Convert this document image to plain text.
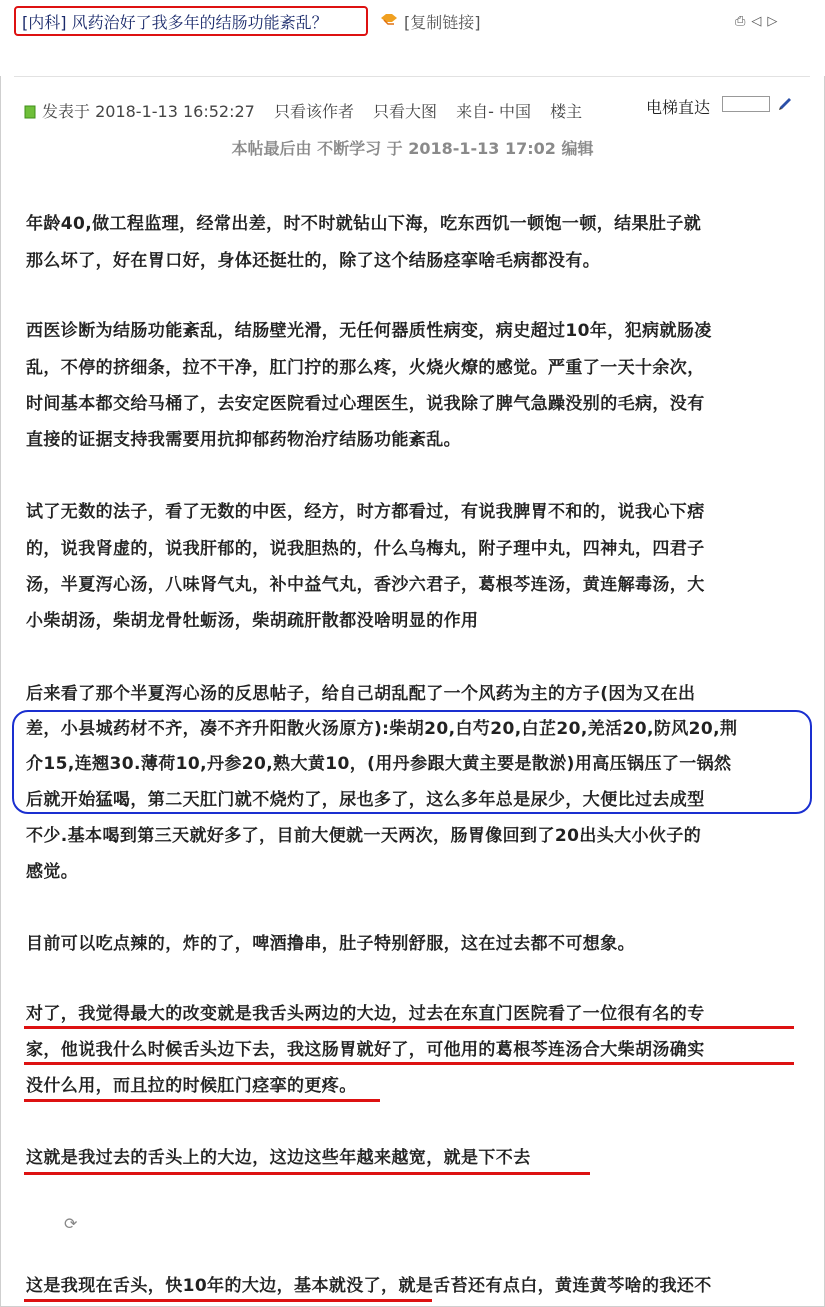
[内科] 风药治好了我多年的结肠功能紊乱？	[复制链接]	⎙◁▷
发表于 2018-1-13 16:52:27 只看该作者 只看大图 来自- 中国 楼主	电梯直达
本帖最后由 不断学习 于 2018-1-13 17:02 编辑
年龄40,做工程监理，经常出差，时不时就钻山下海，吃东西饥一顿饱一顿，结果肚子就
那么坏了，好在胃口好，身体还挺壮的，除了这个结肠痉挛啥毛病都没有。
西医诊断为结肠功能紊乱，结肠壁光滑，无任何器质性病变，病史超过10年，犯病就肠凌
乱，不停的挤细条，拉不干净，肛门拧的那么疼，火烧火燎的感觉。严重了一天十余次，
时间基本都交给马桶了，去安定医院看过心理医生，说我除了脾气急躁没别的毛病，没有
直接的证据支持我需要用抗抑郁药物治疗结肠功能紊乱。
试了无数的法子，看了无数的中医，经方，时方都看过，有说我脾胃不和的，说我心下痞
的，说我肾虚的，说我肝郁的，说我胆热的，什么乌梅丸，附子理中丸，四神丸，四君子
汤，半夏泻心汤，八味肾气丸，补中益气丸，香沙六君子，葛根芩连汤，黄连解毒汤，大
小柴胡汤，柴胡龙骨牡蛎汤，柴胡疏肝散都没啥明显的作用
后来看了那个半夏泻心汤的反思帖子，给自己胡乱配了一个风药为主的方子(因为又在出
差，小县城药材不齐，凑不齐升阳散火汤原方):柴胡20,白芍20,白芷20,羌活20,防风20,荆
介15,连翘30.薄荷10,丹参20,熟大黄10，(用丹参跟大黄主要是散淤)用高压锅压了一锅然
后就开始猛喝，第二天肛门就不烧灼了，尿也多了，这么多年总是尿少，大便比过去成型
不少.基本喝到第三天就好多了，目前大便就一天两次，肠胃像回到了20出头大小伙子的
感觉。
目前可以吃点辣的，炸的了，啤酒撸串，肚子特别舒服，这在过去都不可想象。
对了，我觉得最大的改变就是我舌头两边的大边，过去在东直门医院看了一位很有名的专
家，他说我什么时候舌头边下去，我这肠胃就好了，可他用的葛根芩连汤合大柴胡汤确实
没什么用，而且拉的时候肛门痉挛的更疼。
这就是我过去的舌头上的大边，这边这些年越来越宽，就是下不去
⟳
这是我现在舌头，快10年的大边，基本就没了，就是舌苔还有点白，黄连黄芩啥的我还不
